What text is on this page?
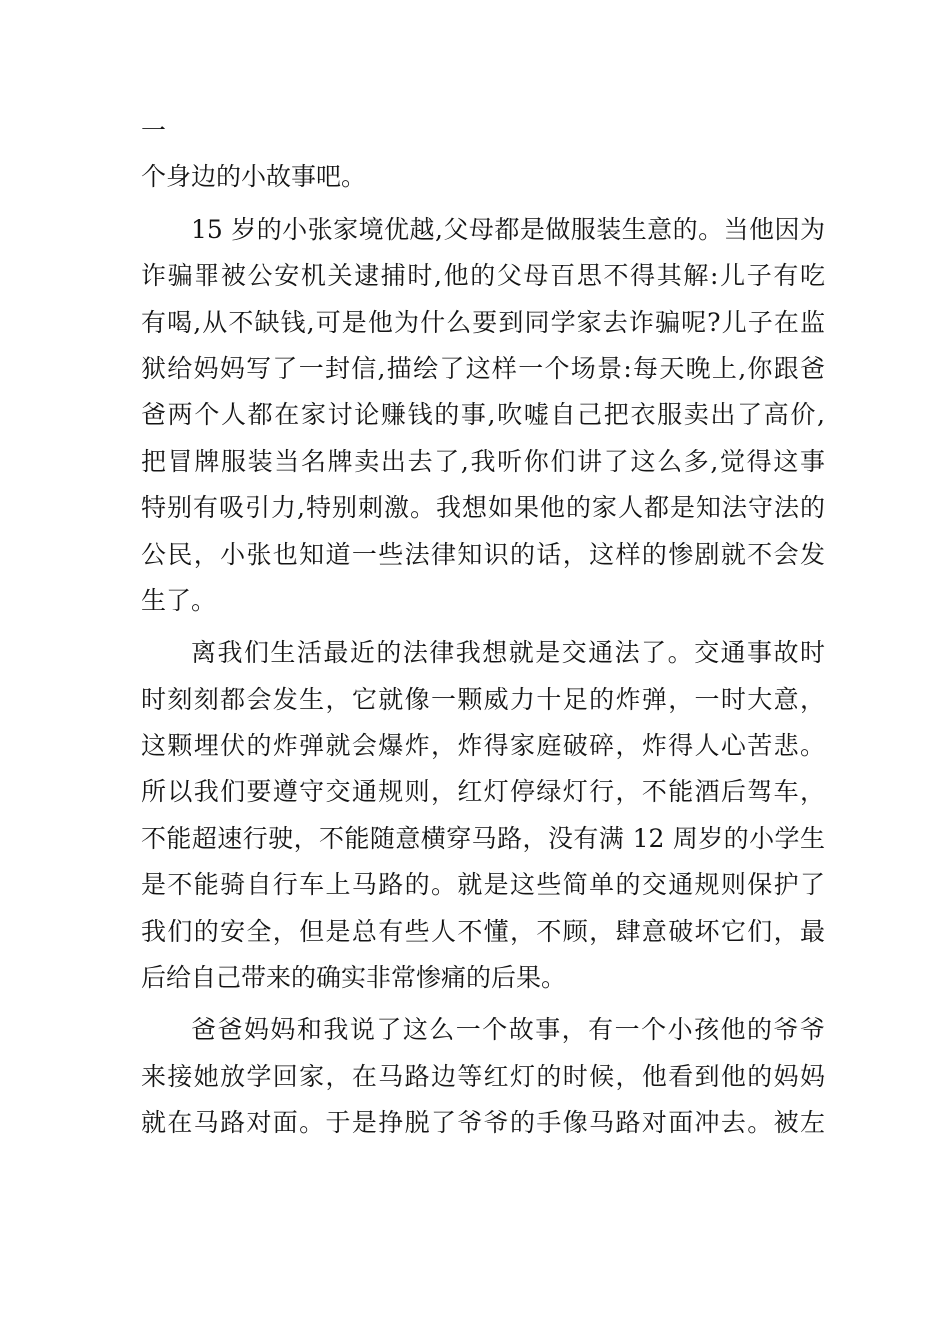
一
个身边的小故事吧。
15 岁的小张家境优越,父母都是做服装生意的。当他因为
诈骗罪被公安机关逮捕时,他的父母百思不得其解:儿子有吃
有喝,从不缺钱,可是他为什么要到同学家去诈骗呢?儿子在监
狱给妈妈写了一封信,描绘了这样一个场景:每天晚上,你跟爸
爸两个人都在家讨论赚钱的事,吹嘘自己把衣服卖出了高价,
把冒牌服装当名牌卖出去了,我听你们讲了这么多,觉得这事
特别有吸引力,特别刺激。我想如果他的家人都是知法守法的
公民，小张也知道一些法律知识的话，这样的惨剧就不会发
生了。
离我们生活最近的法律我想就是交通法了。交通事故时
时刻刻都会发生，它就像一颗威力十足的炸弹，一时大意，
这颗埋伏的炸弹就会爆炸，炸得家庭破碎，炸得人心苦悲。
所以我们要遵守交通规则，红灯停绿灯行，不能酒后驾车，
不能超速行驶，不能随意横穿马路，没有满 12 周岁的小学生
是不能骑自行车上马路的。就是这些简单的交通规则保护了
我们的安全，但是总有些人不懂，不顾，肆意破坏它们，最
后给自己带来的确实非常惨痛的后果。
爸爸妈妈和我说了这么一个故事，有一个小孩他的爷爷
来接她放学回家，在马路边等红灯的时候，他看到他的妈妈
就在马路对面。于是挣脱了爷爷的手像马路对面冲去。被左
